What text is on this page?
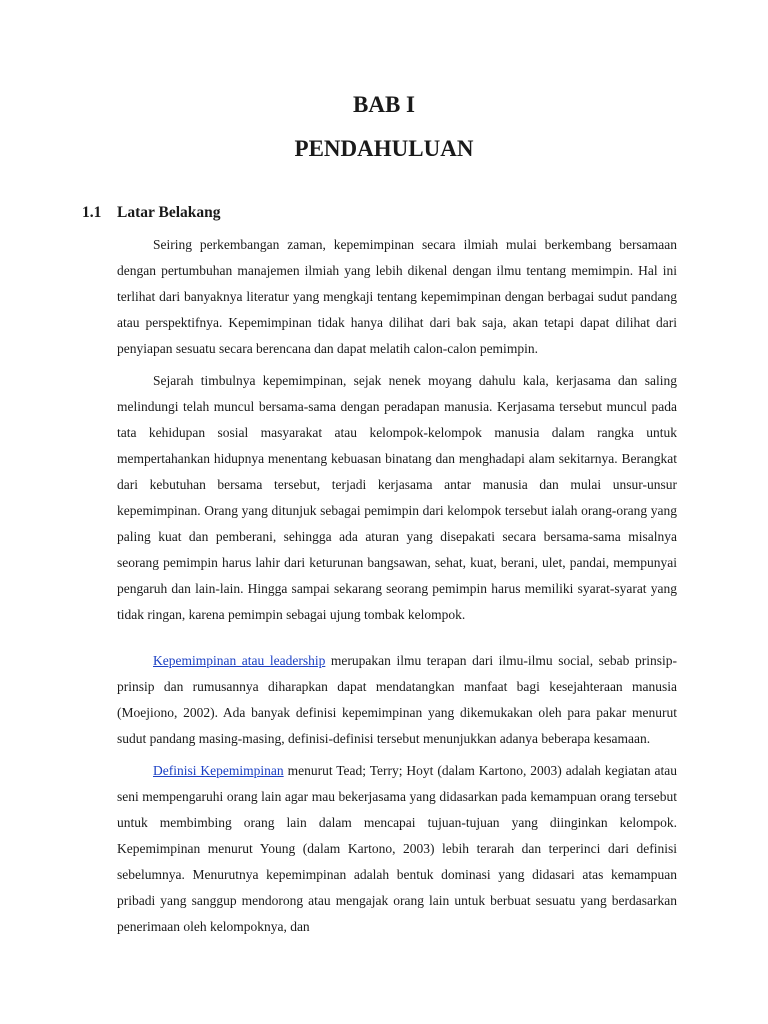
BAB I
PENDAHULUAN
1.1 Latar Belakang

Seiring perkembangan zaman, kepemimpinan secara ilmiah mulai berkembang bersamaan dengan pertumbuhan manajemen ilmiah yang lebih dikenal dengan ilmu tentang memimpin. Hal ini terlihat dari banyaknya literatur yang mengkaji tentang kepemimpinan dengan berbagai sudut pandang atau perspektifnya. Kepemimpinan tidak hanya dilihat dari bak saja, akan tetapi dapat dilihat dari penyiapan sesuatu secara berencana dan dapat melatih calon-calon pemimpin.

Sejarah timbulnya kepemimpinan, sejak nenek moyang dahulu kala, kerjasama dan saling melindungi telah muncul bersama-sama dengan peradapan manusia. Kerjasama tersebut muncul pada tata kehidupan sosial masyarakat atau kelompok-kelompok manusia dalam rangka untuk mempertahankan hidupnya menentang kebuasan binatang dan menghadapi alam sekitarnya. Berangkat dari kebutuhan bersama tersebut, terjadi kerjasama antar manusia dan mulai unsur-unsur kepemimpinan. Orang yang ditunjuk sebagai pemimpin dari kelompok tersebut ialah orang-orang yang paling kuat dan pemberani, sehingga ada aturan yang disepakati secara bersama-sama misalnya seorang pemimpin harus lahir dari keturunan bangsawan, sehat, kuat, berani, ulet, pandai, mempunyai pengaruh dan lain-lain. Hingga sampai sekarang seorang pemimpin harus memiliki syarat-syarat yang tidak ringan, karena pemimpin sebagai ujung tombak kelompok.

Kepemimpinan atau leadership merupakan ilmu terapan dari ilmu-ilmu social, sebab prinsip-prinsip dan rumusannya diharapkan dapat mendatangkan manfaat bagi kesejahteraan manusia (Moejiono, 2002). Ada banyak definisi kepemimpinan yang dikemukakan oleh para pakar menurut sudut pandang masing-masing, definisi-definisi tersebut menunjukkan adanya beberapa kesamaan.

Definisi Kepemimpinan menurut Tead; Terry; Hoyt (dalam Kartono, 2003) adalah kegiatan atau seni mempengaruhi orang lain agar mau bekerjasama yang didasarkan pada kemampuan orang tersebut untuk membimbing orang lain dalam mencapai tujuan-tujuan yang diinginkan kelompok. Kepemimpinan menurut Young (dalam Kartono, 2003) lebih terarah dan terperinci dari definisi sebelumnya. Menurutnya kepemimpinan adalah bentuk dominasi yang didasari atas kemampuan pribadi yang sanggup mendorong atau mengajak orang lain untuk berbuat sesuatu yang berdasarkan penerimaan oleh kelompoknya, dan
